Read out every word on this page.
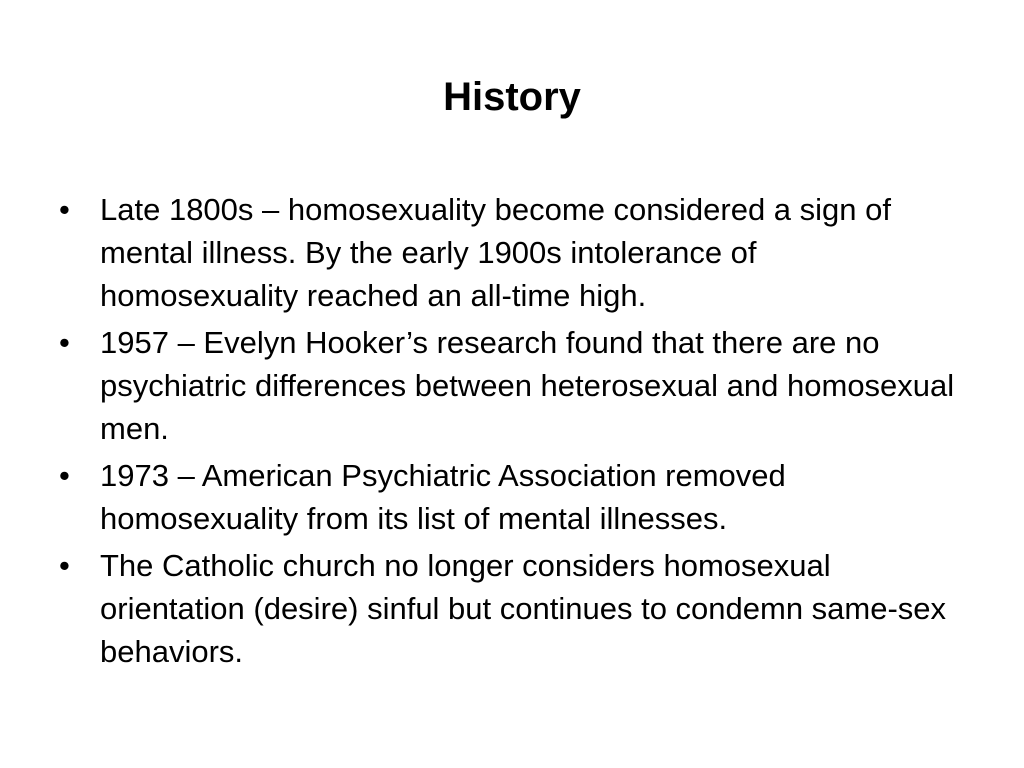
History
• Late 1800s – homosexuality become considered a sign of mental illness. By the early 1900s intolerance of homosexuality reached an all-time high.
• 1957 – Evelyn Hooker’s research found that there are no psychiatric differences between heterosexual and homosexual men.
• 1973 – American Psychiatric Association removed homosexuality from its list of mental illnesses.
• The Catholic church no longer considers homosexual orientation (desire) sinful but continues to condemn same-sex behaviors.
